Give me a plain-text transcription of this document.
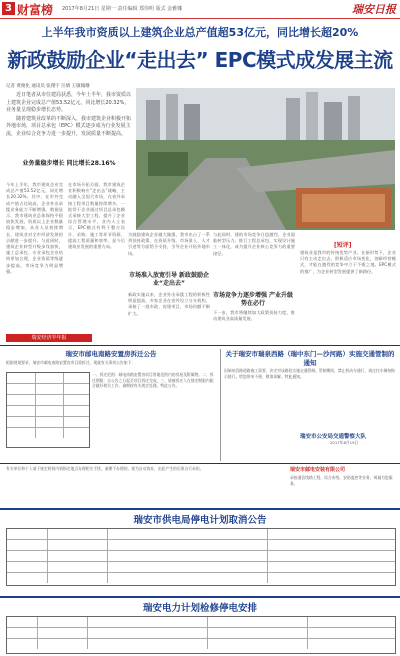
3 财富榜 2017年8月21日 星期一 责任编辑 郑伟明 版式 金雅娜	瑞安日报
上半年我市资质以上建筑企业总产值超53亿元，同比增长超20%
新政鼓励企业“走出去” EPC模式成发展主流
记者 黄俊化 通讯员 张翔宇 汪婧 王敏翰珊

近日笔者从市住建局获悉，今年上半年，我市资质以上建筑企业完成总产值53.52亿元，同比增长20.32%，业务量呈现稳步增长态势。

随着建筑业改革的不断深入，我市建筑企业积极开拓外地市场，项目总承包（EPC）模式逐步成为行业发展主流，企业综合竞争力进一步提升，发展质量不断提高。

业务量稳步增长 同比增长28.16%
今年上半年，我市建筑企业完成总产值53.52亿元，同比增长20.32%。其中，在市外完成产值占比较高，企业外出承揽业务能力不断增强。数据显示，我市建筑业总体保持平稳较快发展，资质以上企业数量稳步增加，从业人员持续增长，建筑业对全市经济发展的贡献进一步提升。与此同时，建筑企业转型升级步伐加快，施工总承包、专业承包企业结构更加合理，企业资质等级逐步提高，市场竞争力明显增强。
在市场开拓方面，我市建筑企业积极响应“走出去”战略，主动融入全国大市场，在省外承接工程项目数量持续增多。一批骨干企业通过项目总承包模式承接大型工程，提升了企业综合管理水平。业内人士表示，EPC模式有利于整合设计、采购、施工等环节资源，提高工程质量和效率，是今后建筑业发展的重要方向。
瑞安经济半年报
为鼓励建筑企业做大做强，我市出台了一系列扶持政策，在资质升级、市场准入、人才引进等方面给予支持，引导企业开拓外地市场。
市场准入放宽引导 新政鼓励企业“走出去”
新政实施以来，企业外出承揽工程的积极性明显提高，多家企业在省外设立分支机构，承接了一批市政、房建项目，市场份额不断扩大。
与此同时，建筑市场竞争日趋激烈，企业面临转型压力。推行工程总承包，实现设计施工一体化，成为提升企业核心竞争力的重要途径。
市场竞争力逐步增强 产业升级势在必行
下一步，我市将继续加大政策扶持力度，推动建筑业高质量发展。
[短评]
建筑业是我市的传统优势产业。在新形势下，企业只有主动走出去，积极适应市场变化，创新经营模式，才能在激烈的竞争中立于不败之地。EPC模式的推广，为企业转型发展提供了新路径。
瑞安市邮电南路安置房拆迁公告
根据规划要求，瑞安市邮电南路安置房项目需拆迁，现就有关事项公告如下：
一、拆迁范围：邮电南路安置房项目用地范围内的房屋及附属物。二、拆迁期限：自公告之日起至项目拆迁完成。三、请被拆迁人在规定期限内配合做好相关工作，逾期按有关规定处理。特此公告。
关于瑞安市瑞泉西路（瑞中东门—沙河路）实施交通管制的通知
因瑞泉西路道路施工需要，决定对该路段实施交通管制。管制期间，禁止机动车通行，请过往车辆按指示绕行。给您带来不便，敬请谅解。特此通知。
瑞安市公安局交通警察大队
2017年8月19日
有关单位和个人请于规定时间内到指定地点办理相关手续，逾期不办理的，视为自动放弃，由此产生的后果自行承担。	瑞安市邮电安装有限公司
承接通信线路工程、综合布线、安防监控等业务，竭诚为您服务。
瑞安市供电局停电计划取消公告
瑞安电力计划检修停电安排
